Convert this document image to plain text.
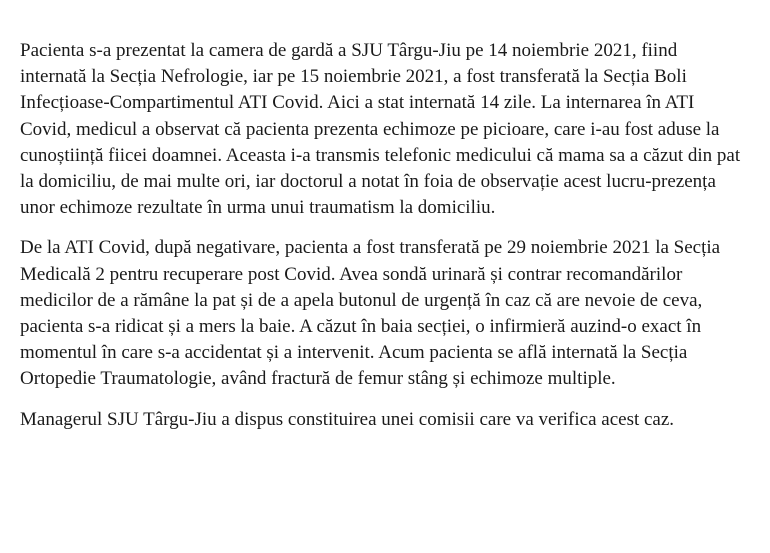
Pacienta s-a prezentat la camera de gardă a SJU Târgu-Jiu pe 14 noiembrie 2021, fiind internată la Secția Nefrologie, iar pe 15 noiembrie 2021, a fost transferată la Secția Boli Infecțioase-Compartimentul ATI Covid. Aici a stat internată 14 zile. La internarea în ATI Covid, medicul a observat că pacienta prezenta echimoze pe picioare, care i-au fost aduse la cunoștiință fiicei doamnei. Aceasta i-a transmis telefonic medicului că mama sa a căzut din pat la domiciliu, de mai multe ori, iar doctorul a notat în foia de observație acest lucru-prezența unor echimoze rezultate în urma unui traumatism la domiciliu.

De la ATI Covid, după negativare, pacienta a fost transferată pe 29 noiembrie 2021 la Secția Medicală 2 pentru recuperare post Covid. Avea sondă urinară și contrar recomandărilor medicilor de a rămâne la pat și de a apela butonul de urgență în caz că are nevoie de ceva, pacienta s-a ridicat și a mers la baie. A căzut în baia secției, o infirmieră auzind-o exact în momentul în care s-a accidentat și a intervenit. Acum pacienta se află internată la Secția Ortopedie Traumatologie, având fractură de femur stâng și echimoze multiple.

Managerul SJU Târgu-Jiu a dispus constituirea unei comisii care va verifica acest caz.
